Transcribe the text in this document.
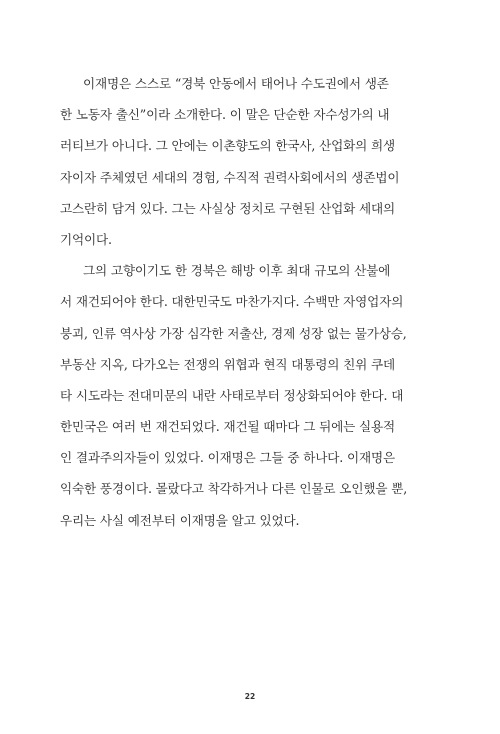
이재명은 스스로 “경북 안동에서 태어나 수도권에서 생존
한 노동자 출신”이라 소개한다. 이 말은 단순한 자수성가의 내
러티브가 아니다. 그 안에는 이촌향도의 한국사, 산업화의 희생
자이자 주체였던 세대의 경험, 수직적 권력사회에서의 생존법이
고스란히 담겨 있다. 그는 사실상 정치로 구현된 산업화 세대의
기억이다.
그의 고향이기도 한 경북은 해방 이후 최대 규모의 산불에
서 재건되어야 한다. 대한민국도 마찬가지다. 수백만 자영업자의
붕괴, 인류 역사상 가장 심각한 저출산, 경제 성장 없는 물가상승,
부동산 지옥, 다가오는 전쟁의 위협과 현직 대통령의 친위 쿠데
타 시도라는 전대미문의 내란 사태로부터 정상화되어야 한다. 대
한민국은 여러 번 재건되었다. 재건될 때마다 그 뒤에는 실용적
인 결과주의자들이 있었다. 이재명은 그들 중 하나다. 이재명은
익숙한 풍경이다. 몰랐다고 착각하거나 다른 인물로 오인했을 뿐,
우리는 사실 예전부터 이재명을 알고 있었다.
22
